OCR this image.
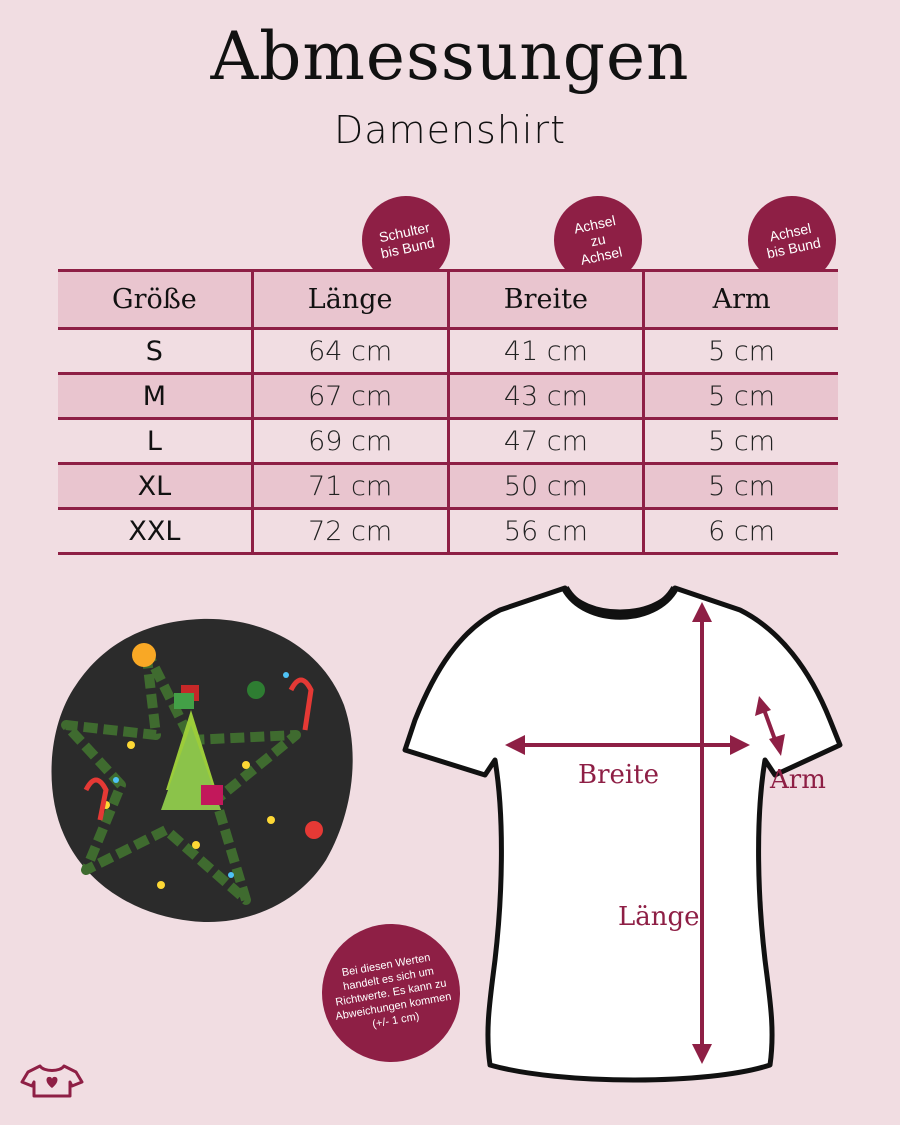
Abmessungen
Damenshirt
Schulter
bis Bund
Achsel
zu
Achsel
Achsel
bis Bund
Größe	Länge	Breite	Arm
S	64 cm	41 cm	5 cm
M	67 cm	43 cm	5 cm
L	69 cm	47 cm	5 cm
XL	71 cm	50 cm	5 cm
XXL	72 cm	56 cm	6 cm
Breite	Arm
Länge
Bei diesen Werten handelt es sich um Richtwerte. Es kann zu Abweichungen kommen (+/- 1 cm)
